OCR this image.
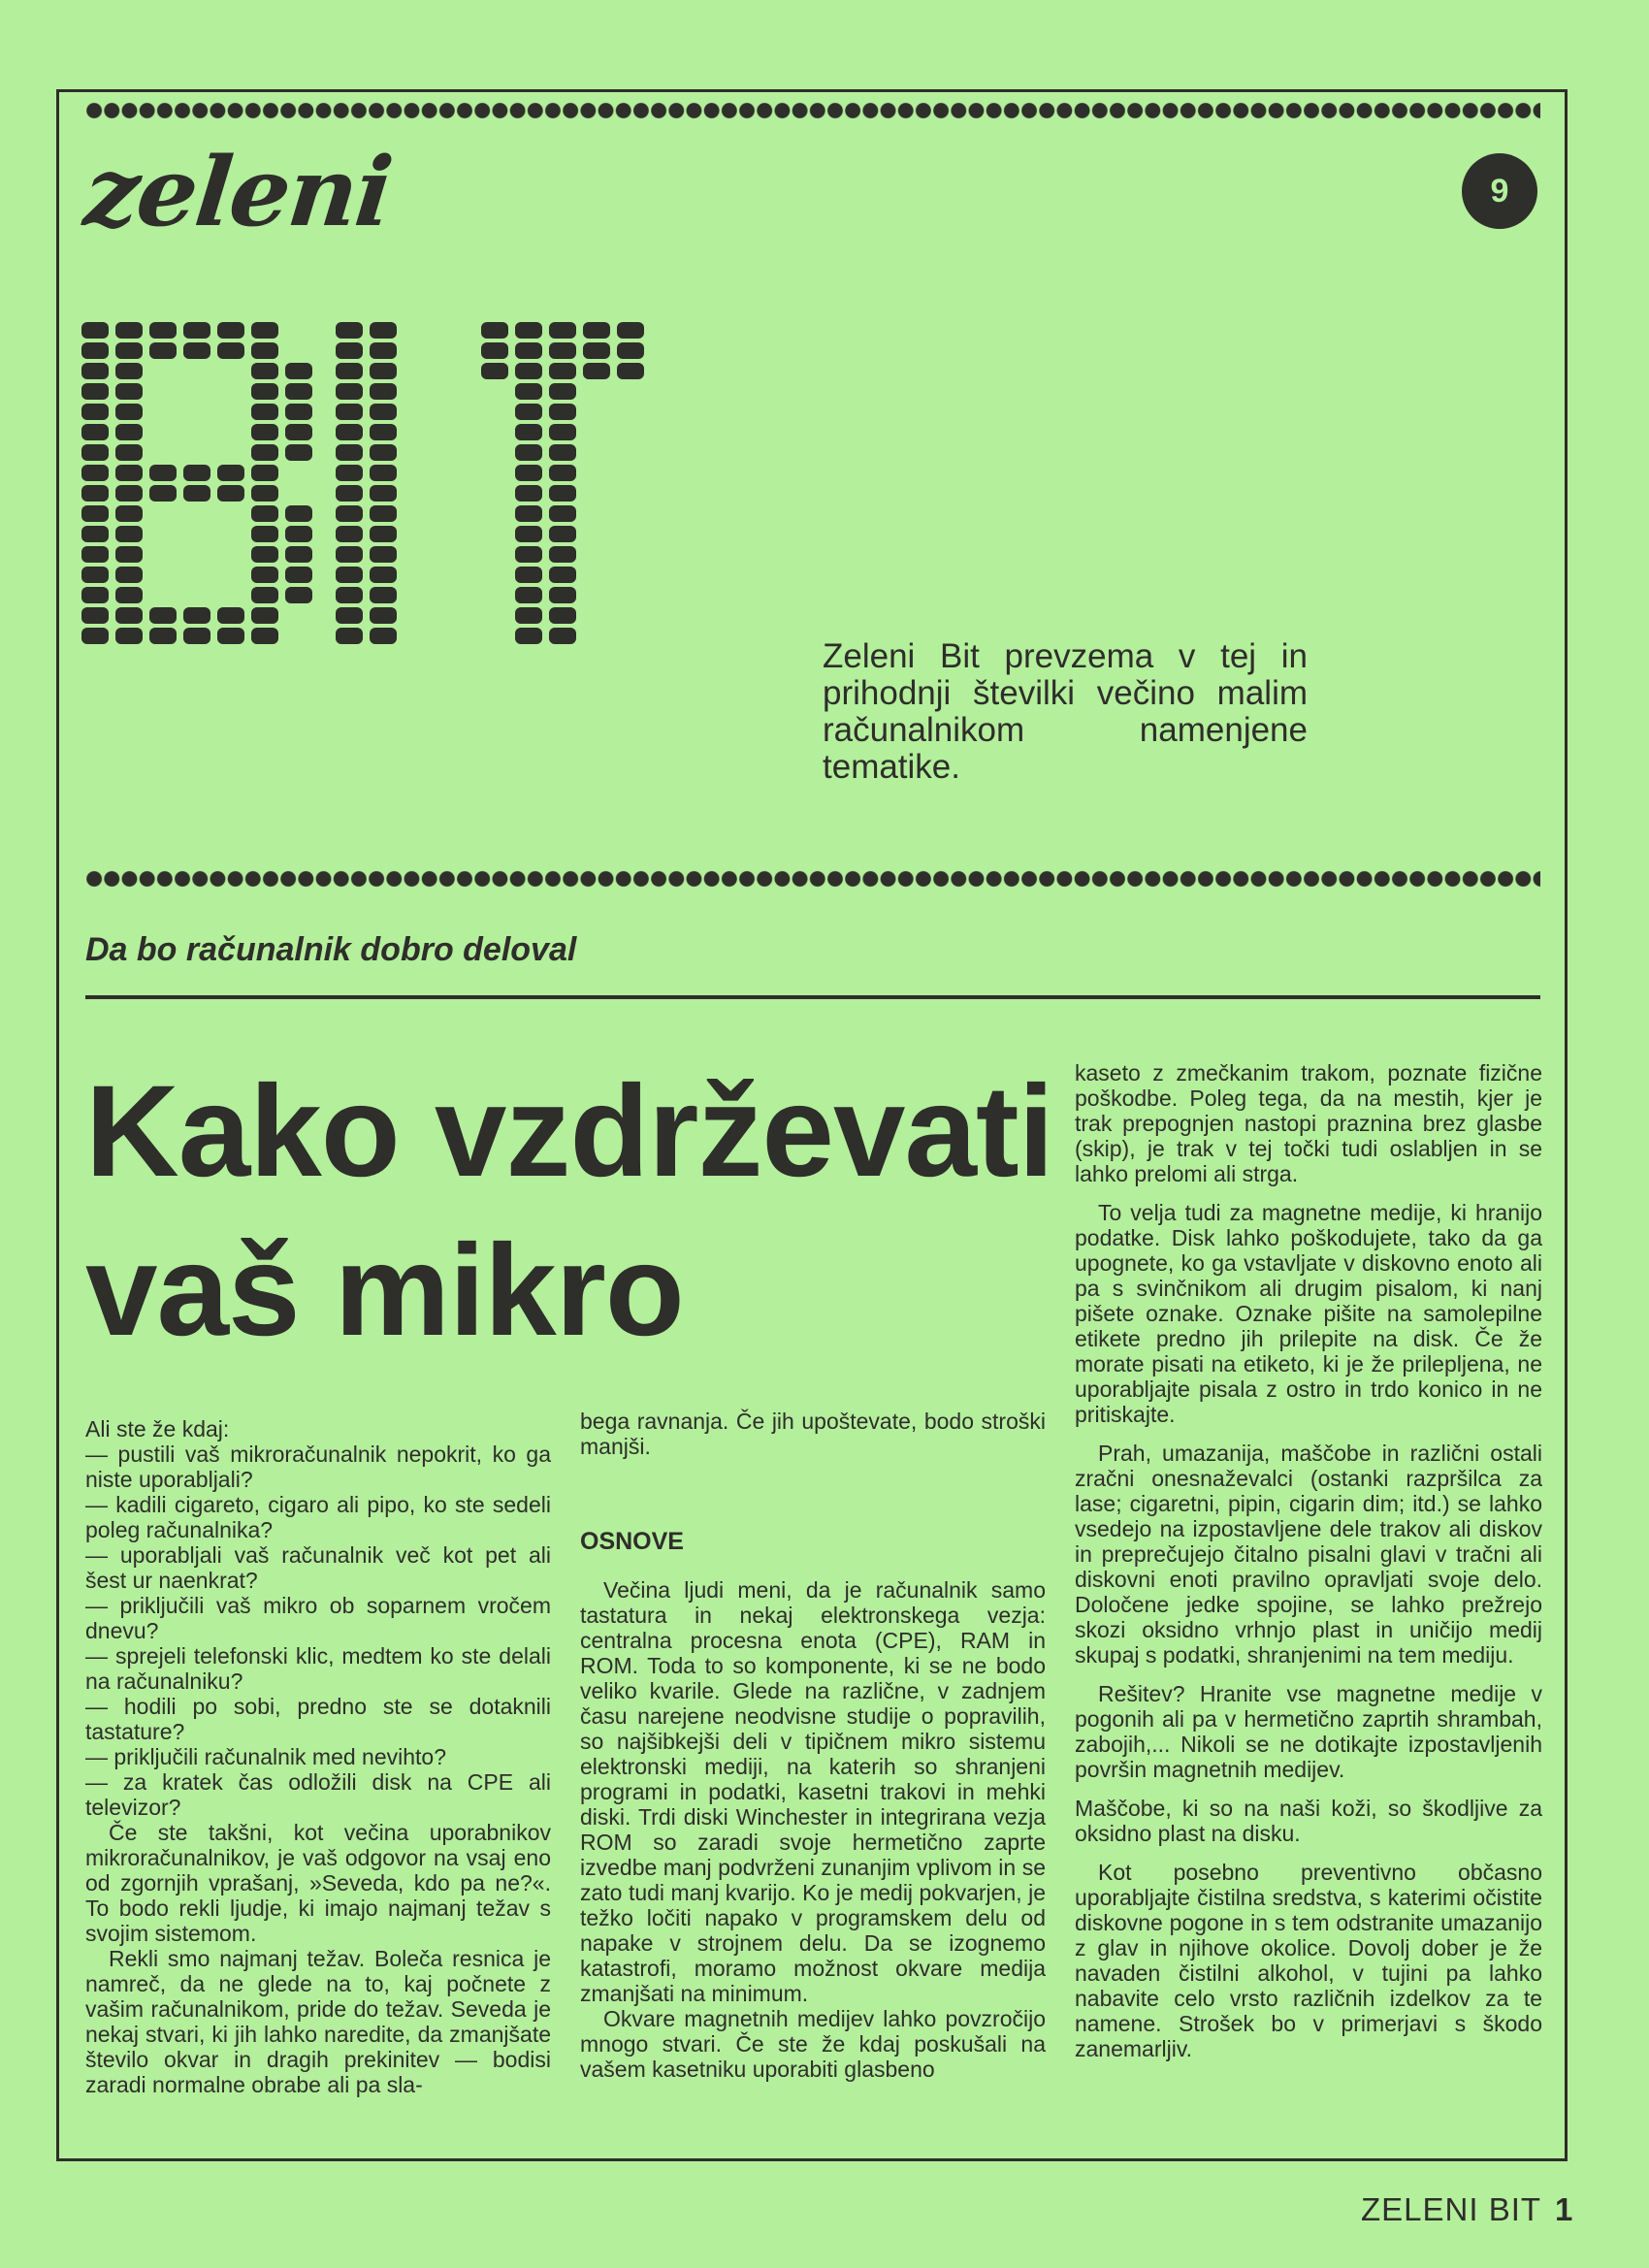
9
zeleni
Zeleni Bit prevzema v tej in prihodnji številki večino malim računalnikom namenjene tematike.
Da bo računalnik dobro deloval
Kako vzdrževati
vaš mikro

Ali ste že kdaj:

— pustili vaš mikroračunalnik nepokrit, ko ga niste uporabljali?

— kadili cigareto, cigaro ali pipo, ko ste sedeli poleg računalnika?

— uporabljali vaš računalnik več kot pet ali šest ur naenkrat?

— priključili vaš mikro ob soparnem vročem dnevu?

— sprejeli telefonski klic, medtem ko ste delali na računalniku?

— hodili po sobi, predno ste se dotaknili tastature?

— priključili računalnik med nevihto?

— za kratek čas odložili disk na CPE ali televizor?

Če ste takšni, kot večina uporabnikov mikroračunalnikov, je vaš odgovor na vsaj eno od zgornjih vprašanj, »Seveda, kdo pa ne?«. To bodo rekli ljudje, ki imajo najmanj težav s svojim sistemom.

Rekli smo najmanj težav. Boleča resnica je namreč, da ne glede na to, kaj počnete z vašim računalnikom, pride do težav. Seveda je nekaj stvari, ki jih lahko naredite, da zmanjšate število okvar in dragih prekinitev — bodisi zaradi normalne obrabe ali pa sla-

bega ravnanja. Če jih upoštevate, bodo stroški manjši.

OSNOVE

Večina ljudi meni, da je računalnik samo tastatura in nekaj elektronskega vezja: centralna procesna enota (CPE), RAM in ROM. Toda to so komponente, ki se ne bodo veliko kvarile. Glede na različne, v zadnjem času narejene neodvisne studije o popravilih, so najšibkejši deli v tipičnem mikro sistemu elektronski mediji, na katerih so shranjeni programi in podatki, kasetni trakovi in mehki diski. Trdi diski Winchester in integrirana vezja ROM so zaradi svoje hermetično zaprte izvedbe manj podvrženi zunanjim vplivom in se zato tudi manj kvarijo. Ko je medij pokvarjen, je težko ločiti napako v programskem delu od napake v strojnem delu. Da se izognemo katastrofi, moramo možnost okvare medija zmanjšati na minimum.

Okvare magnetnih medijev lahko povzročijo mnogo stvari. Če ste že kdaj poskušali na vašem kasetniku uporabiti glasbeno

kaseto z zmečkanim trakom, poznate fizične poškodbe. Poleg tega, da na mestih, kjer je trak prepognjen nastopi praznina brez glasbe (skip), je trak v tej točki tudi oslabljen in se lahko prelomi ali strga.

To velja tudi za magnetne medije, ki hranijo podatke. Disk lahko poškodujete, tako da ga upognete, ko ga vstavljate v diskovno enoto ali pa s svinčnikom ali drugim pisalom, ki nanj pišete oznake. Oznake pišite na samolepilne etikete predno jih prilepite na disk. Če že morate pisati na etiketo, ki je že prilepljena, ne uporabljajte pisala z ostro in trdo konico in ne pritiskajte.

Prah, umazanija, maščobe in različni ostali zračni onesnaževalci (ostanki razpršilca za lase; cigaretni, pipin, cigarin dim; itd.) se lahko vsedejo na izpostavljene dele trakov ali diskov in preprečujejo čitalno pisalni glavi v tračni ali diskovni enoti pravilno opravljati svoje delo. Določene jedke spojine, se lahko prežrejo skozi oksidno vrhnjo plast in uničijo medij skupaj s podatki, shranjenimi na tem mediju.

Rešitev? Hranite vse magnetne medije v pogonih ali pa v hermetično zaprtih shrambah, zabojih,... Nikoli se ne dotikajte izpostavljenih površin magnetnih medijev.

Maščobe, ki so na naši koži, so škodljive za oksidno plast na disku.

Kot posebno preventivno občasno uporabljajte čistilna sredstva, s katerimi očistite diskovne pogone in s tem odstranite umazanijo z glav in njihove okolice. Dovolj dober je že navaden čistilni alkohol, v tujini pa lahko nabavite celo vrsto različnih izdelkov za te namene. Strošek bo v primerjavi s škodo zanemarljiv.

ZELENI BIT 1
